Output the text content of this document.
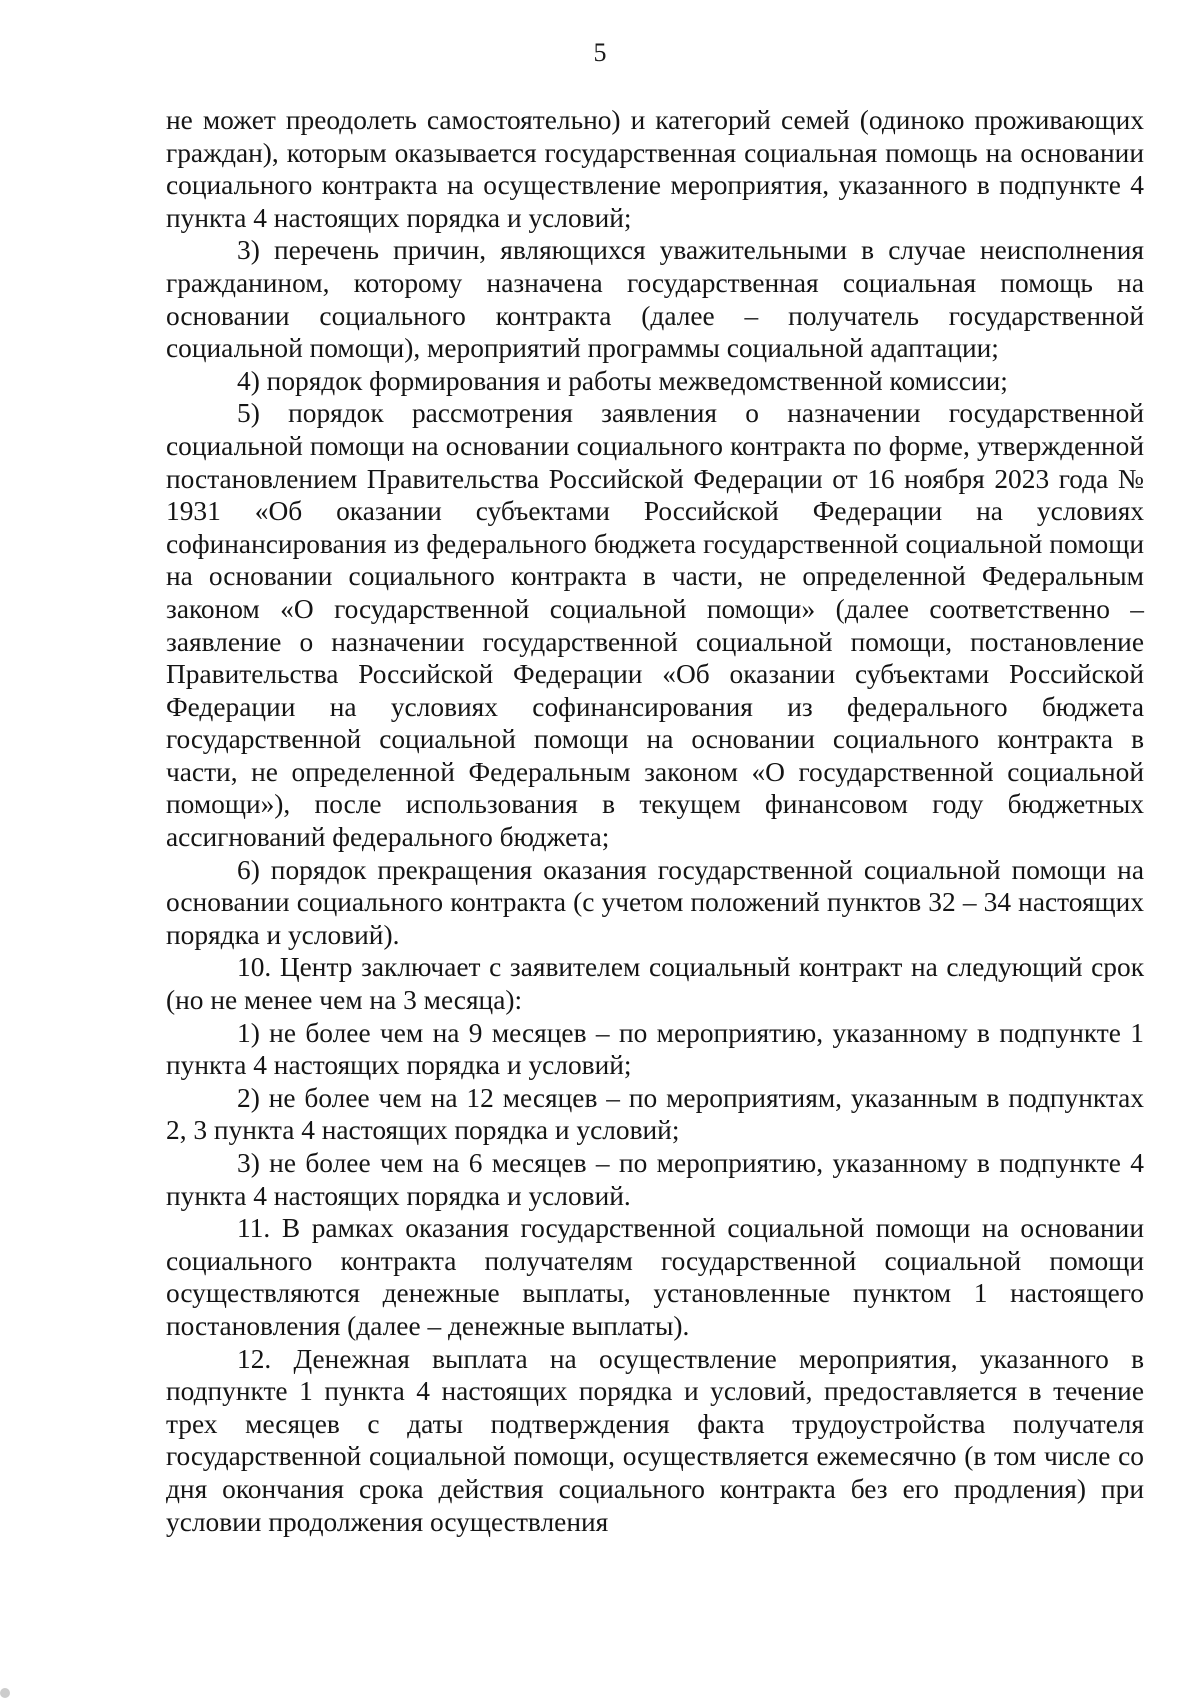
5

не может преодолеть самостоятельно) и категорий семей (одиноко проживающих граждан), которым оказывается государственная социальная помощь на основании социального контракта на осуществление мероприятия, указанного в подпункте 4 пункта 4 настоящих порядка и условий;

3) перечень причин, являющихся уважительными в случае неисполнения гражданином, которому назначена государственная социальная помощь на основании социального контракта (далее – получатель государственной социальной помощи), мероприятий программы социальной адаптации;

4) порядок формирования и работы межведомственной комиссии;

5) порядок рассмотрения заявления о назначении государственной социальной помощи на основании социального контракта по форме, утвержденной постановлением Правительства Российской Федерации от 16 ноября 2023 года № 1931 «Об оказании субъектами Российской Федерации на условиях софинансирования из федерального бюджета государственной социальной помощи на основании социального контракта в части, не определенной Федеральным законом «О государственной социальной помощи» (далее соответственно – заявление о назначении государственной социальной помощи, постановление Правительства Российской Федерации «Об оказании субъектами Российской Федерации на условиях софинансирования из федерального бюджета государственной социальной помощи на основании социального контракта в части, не определенной Федеральным законом «О государственной социальной помощи»), после использования в текущем финансовом году бюджетных ассигнований федерального бюджета;

6) порядок прекращения оказания государственной социальной помощи на основании социального контракта (с учетом положений пунктов 32 – 34 настоящих порядка и условий).

10. Центр заключает с заявителем социальный контракт на следующий срок (но не менее чем на 3 месяца):

1) не более чем на 9 месяцев – по мероприятию, указанному в подпункте 1 пункта 4 настоящих порядка и условий;

2) не более чем на 12 месяцев – по мероприятиям, указанным в подпунктах 2, 3 пункта 4 настоящих порядка и условий;

3) не более чем на 6 месяцев – по мероприятию, указанному в подпункте 4 пункта 4 настоящих порядка и условий.

11. В рамках оказания государственной социальной помощи на основании социального контракта получателям государственной социальной помощи осуществляются денежные выплаты, установленные пунктом 1 настоящего постановления (далее – денежные выплаты).

12. Денежная выплата на осуществление мероприятия, указанного в подпункте 1 пункта 4 настоящих порядка и условий, предоставляется в течение трех месяцев с даты подтверждения факта трудоустройства получателя государственной социальной помощи, осуществляется ежемесячно (в том числе со дня окончания срока действия социального контракта без его продления) при условии продолжения осуществления
